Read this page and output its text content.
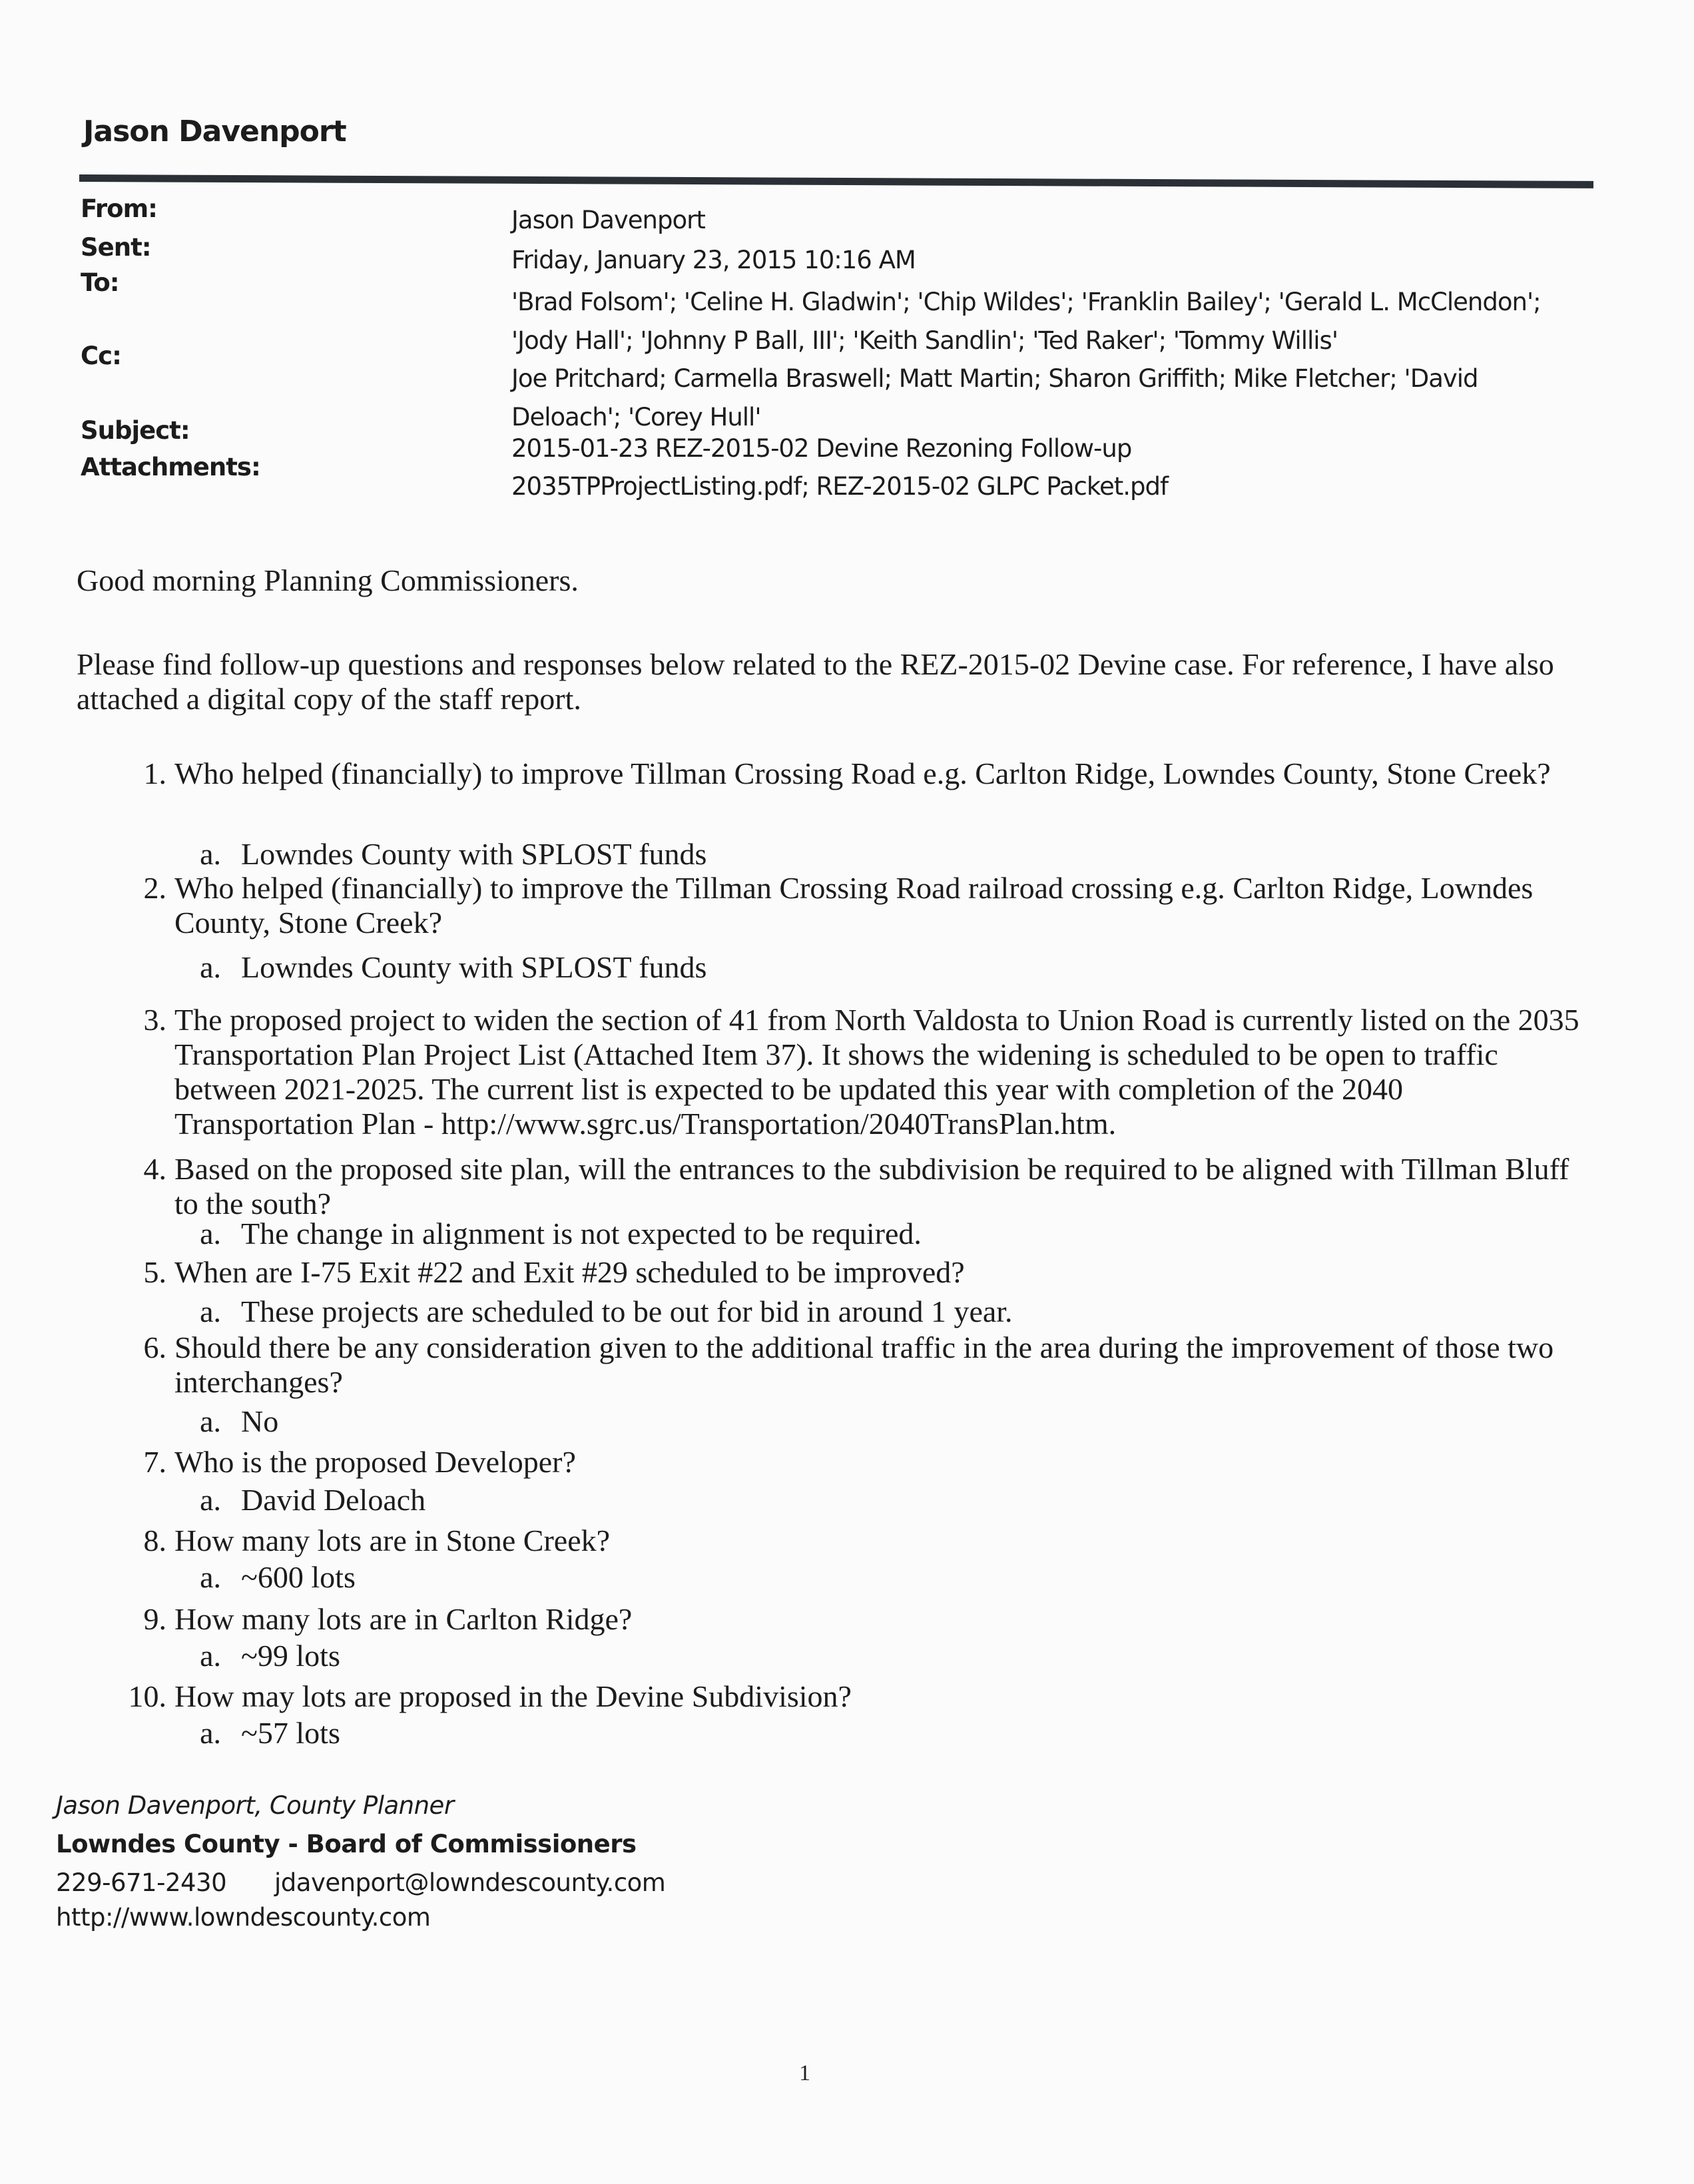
Jason Davenport
From:
Sent:
To:
Cc:
Subject:
Attachments:
Jason Davenport
Friday, January 23, 2015 10:16 AM
'Brad Folsom'; 'Celine H. Gladwin'; 'Chip Wildes'; 'Franklin Bailey'; 'Gerald L. McClendon'; 'Jody Hall'; 'Johnny P Ball, III'; 'Keith Sandlin'; 'Ted Raker'; 'Tommy Willis'
Joe Pritchard; Carmella Braswell; Matt Martin; Sharon Griffith; Mike Fletcher; 'David Deloach'; 'Corey Hull'
2015-01-23 REZ-2015-02 Devine Rezoning Follow-up
2035TPProjectListing.pdf; REZ-2015-02 GLPC Packet.pdf
Good morning Planning Commissioners.
Please find follow-up questions and responses below related to the REZ-2015-02 Devine case. For reference, I have also attached a digital copy of the staff report.
1. Who helped (financially) to improve Tillman Crossing Road e.g. Carlton Ridge, Lowndes County, Stone Creek?
a. Lowndes County with SPLOST funds
2. Who helped (financially) to improve the Tillman Crossing Road railroad crossing e.g. Carlton Ridge, Lowndes County, Stone Creek?
a. Lowndes County with SPLOST funds
3. The proposed project to widen the section of 41 from North Valdosta to Union Road is currently listed on the 2035 Transportation Plan Project List (Attached Item 37). It shows the widening is scheduled to be open to traffic between 2021-2025. The current list is expected to be updated this year with completion of the 2040 Transportation Plan - http://www.sgrc.us/Transportation/2040TransPlan.htm.
4. Based on the proposed site plan, will the entrances to the subdivision be required to be aligned with Tillman Bluff to the south?
a. The change in alignment is not expected to be required.
5. When are I-75 Exit #22 and Exit #29 scheduled to be improved?
a. These projects are scheduled to be out for bid in around 1 year.
6. Should there be any consideration given to the additional traffic in the area during the improvement of those two interchanges?
a. No
7. Who is the proposed Developer?
a. David Deloach
8. How many lots are in Stone Creek?
a. ~600 lots
9. How many lots are in Carlton Ridge?
a. ~99 lots
10. How may lots are proposed in the Devine Subdivision?
a. ~57 lots
Jason Davenport, County Planner
Lowndes County - Board of Commissioners
229-671-2430 jdavenport@lowndescounty.com
http://www.lowndescounty.com
1
